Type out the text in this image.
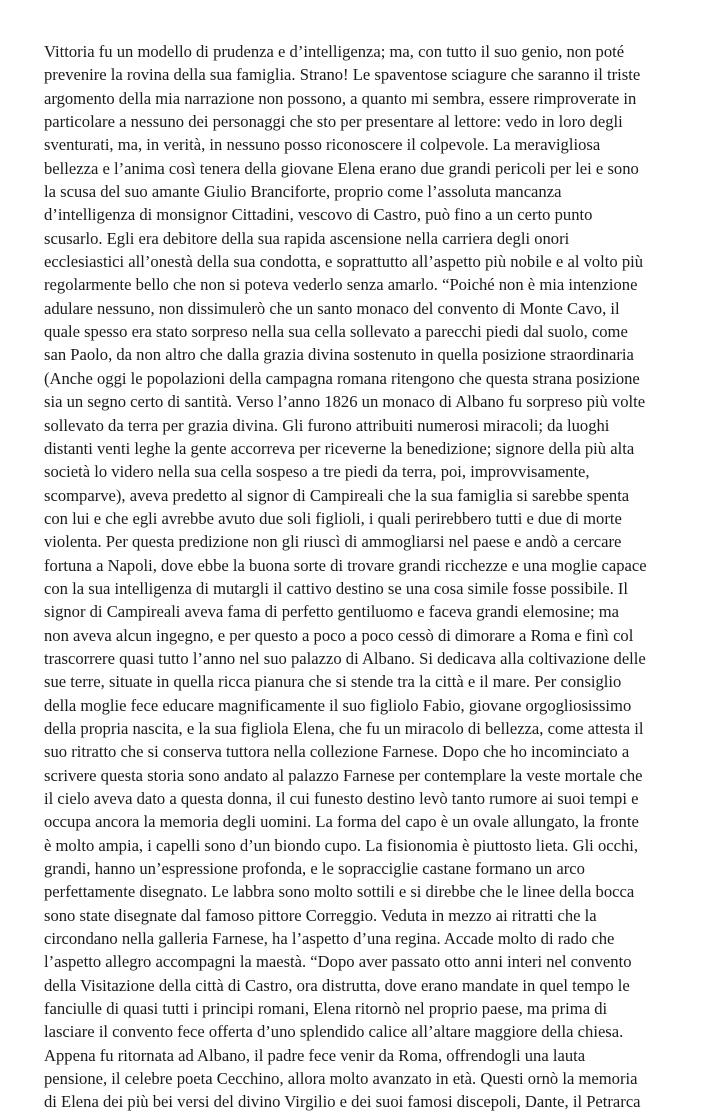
Vittoria fu un modello di prudenza e d’intelligenza; ma, con tutto il suo genio, non poté
prevenire la rovina della sua famiglia. Strano! Le spaventose sciagure che saranno il triste
argomento della mia narrazione non possono, a quanto mi sembra, essere rimproverate in
particolare a nessuno dei personaggi che sto per presentare al lettore: vedo in loro degli
sventurati, ma, in verità, in nessuno posso riconoscere il colpevole. La meravigliosa
bellezza e l’anima così tenera della giovane Elena erano due grandi pericoli per lei e sono
la scusa del suo amante Giulio Branciforte, proprio come l’assoluta mancanza
d’intelligenza di monsignor Cittadini, vescovo di Castro, può fino a un certo punto
scusarlo. Egli era debitore della sua rapida ascensione nella carriera degli onori
ecclesiastici all’onestà della sua condotta, e soprattutto all’aspetto più nobile e al volto più
regolarmente bello che non si poteva vederlo senza amarlo. “Poiché non è mia intenzione
adulare nessuno, non dissimulerò che un santo monaco del convento di Monte Cavo, il
quale spesso era stato sorpreso nella sua cella sollevato a parecchi piedi dal suolo, come
san Paolo, da non altro che dalla grazia divina sostenuto in quella posizione straordinaria
(Anche oggi le popolazioni della campagna romana ritengono che questa strana posizione
sia un segno certo di santità. Verso l’anno 1826 un monaco di Albano fu sorpreso più volte
sollevato da terra per grazia divina. Gli furono attribuiti numerosi miracoli; da luoghi
distanti venti leghe la gente accorreva per riceverne la benedizione; signore della più alta
società lo videro nella sua cella sospeso a tre piedi da terra, poi, improvvisamente,
scomparve), aveva predetto al signor di Campireali che la sua famiglia si sarebbe spenta
con lui e che egli avrebbe avuto due soli figlioli, i quali perirebbero tutti e due di morte
violenta. Per questa predizione non gli riuscì di ammogliarsi nel paese e andò a cercare
fortuna a Napoli, dove ebbe la buona sorte di trovare grandi ricchezze e una moglie capace
con la sua intelligenza di mutargli il cattivo destino se una cosa simile fosse possibile. Il
signor di Campireali aveva fama di perfetto gentiluomo e faceva grandi elemosine; ma
non aveva alcun ingegno, e per questo a poco a poco cessò di dimorare a Roma e finì col
trascorrere quasi tutto l’anno nel suo palazzo di Albano. Si dedicava alla coltivazione delle
sue terre, situate in quella ricca pianura che si stende tra la città e il mare. Per consiglio
della moglie fece educare magnificamente il suo figliolo Fabio, giovane orgogliosissimo
della propria nascita, e la sua figliola Elena, che fu un miracolo di bellezza, come attesta il
suo ritratto che si conserva tuttora nella collezione Farnese. Dopo che ho incominciato a
scrivere questa storia sono andato al palazzo Farnese per contemplare la veste mortale che
il cielo aveva dato a questa donna, il cui funesto destino levò tanto rumore ai suoi tempi e
occupa ancora la memoria degli uomini. La forma del capo è un ovale allungato, la fronte
è molto ampia, i capelli sono d’un biondo cupo. La fisionomia è piuttosto lieta. Gli occhi,
grandi, hanno un’espressione profonda, e le sopracciglie castane formano un arco
perfettamente disegnato. Le labbra sono molto sottili e si direbbe che le linee della bocca
sono state disegnate dal famoso pittore Correggio. Veduta in mezzo ai ritratti che la
circondano nella galleria Farnese, ha l’aspetto d’una regina. Accade molto di rado che
l’aspetto allegro accompagni la maestà. “Dopo aver passato otto anni interi nel convento
della Visitazione della città di Castro, ora distrutta, dove erano mandate in quel tempo le
fanciulle di quasi tutti i principi romani, Elena ritornò nel proprio paese, ma prima di
lasciare il convento fece offerta d’uno splendido calice all’altare maggiore della chiesa.
Appena fu ritornata ad Albano, il padre fece venir da Roma, offrendogli una lauta
pensione, il celebre poeta Cecchino, allora molto avanzato in età. Questi ornò la memoria
di Elena dei più bei versi del divino Virgilio e dei suoi famosi discepoli, Dante, il Petrarca
